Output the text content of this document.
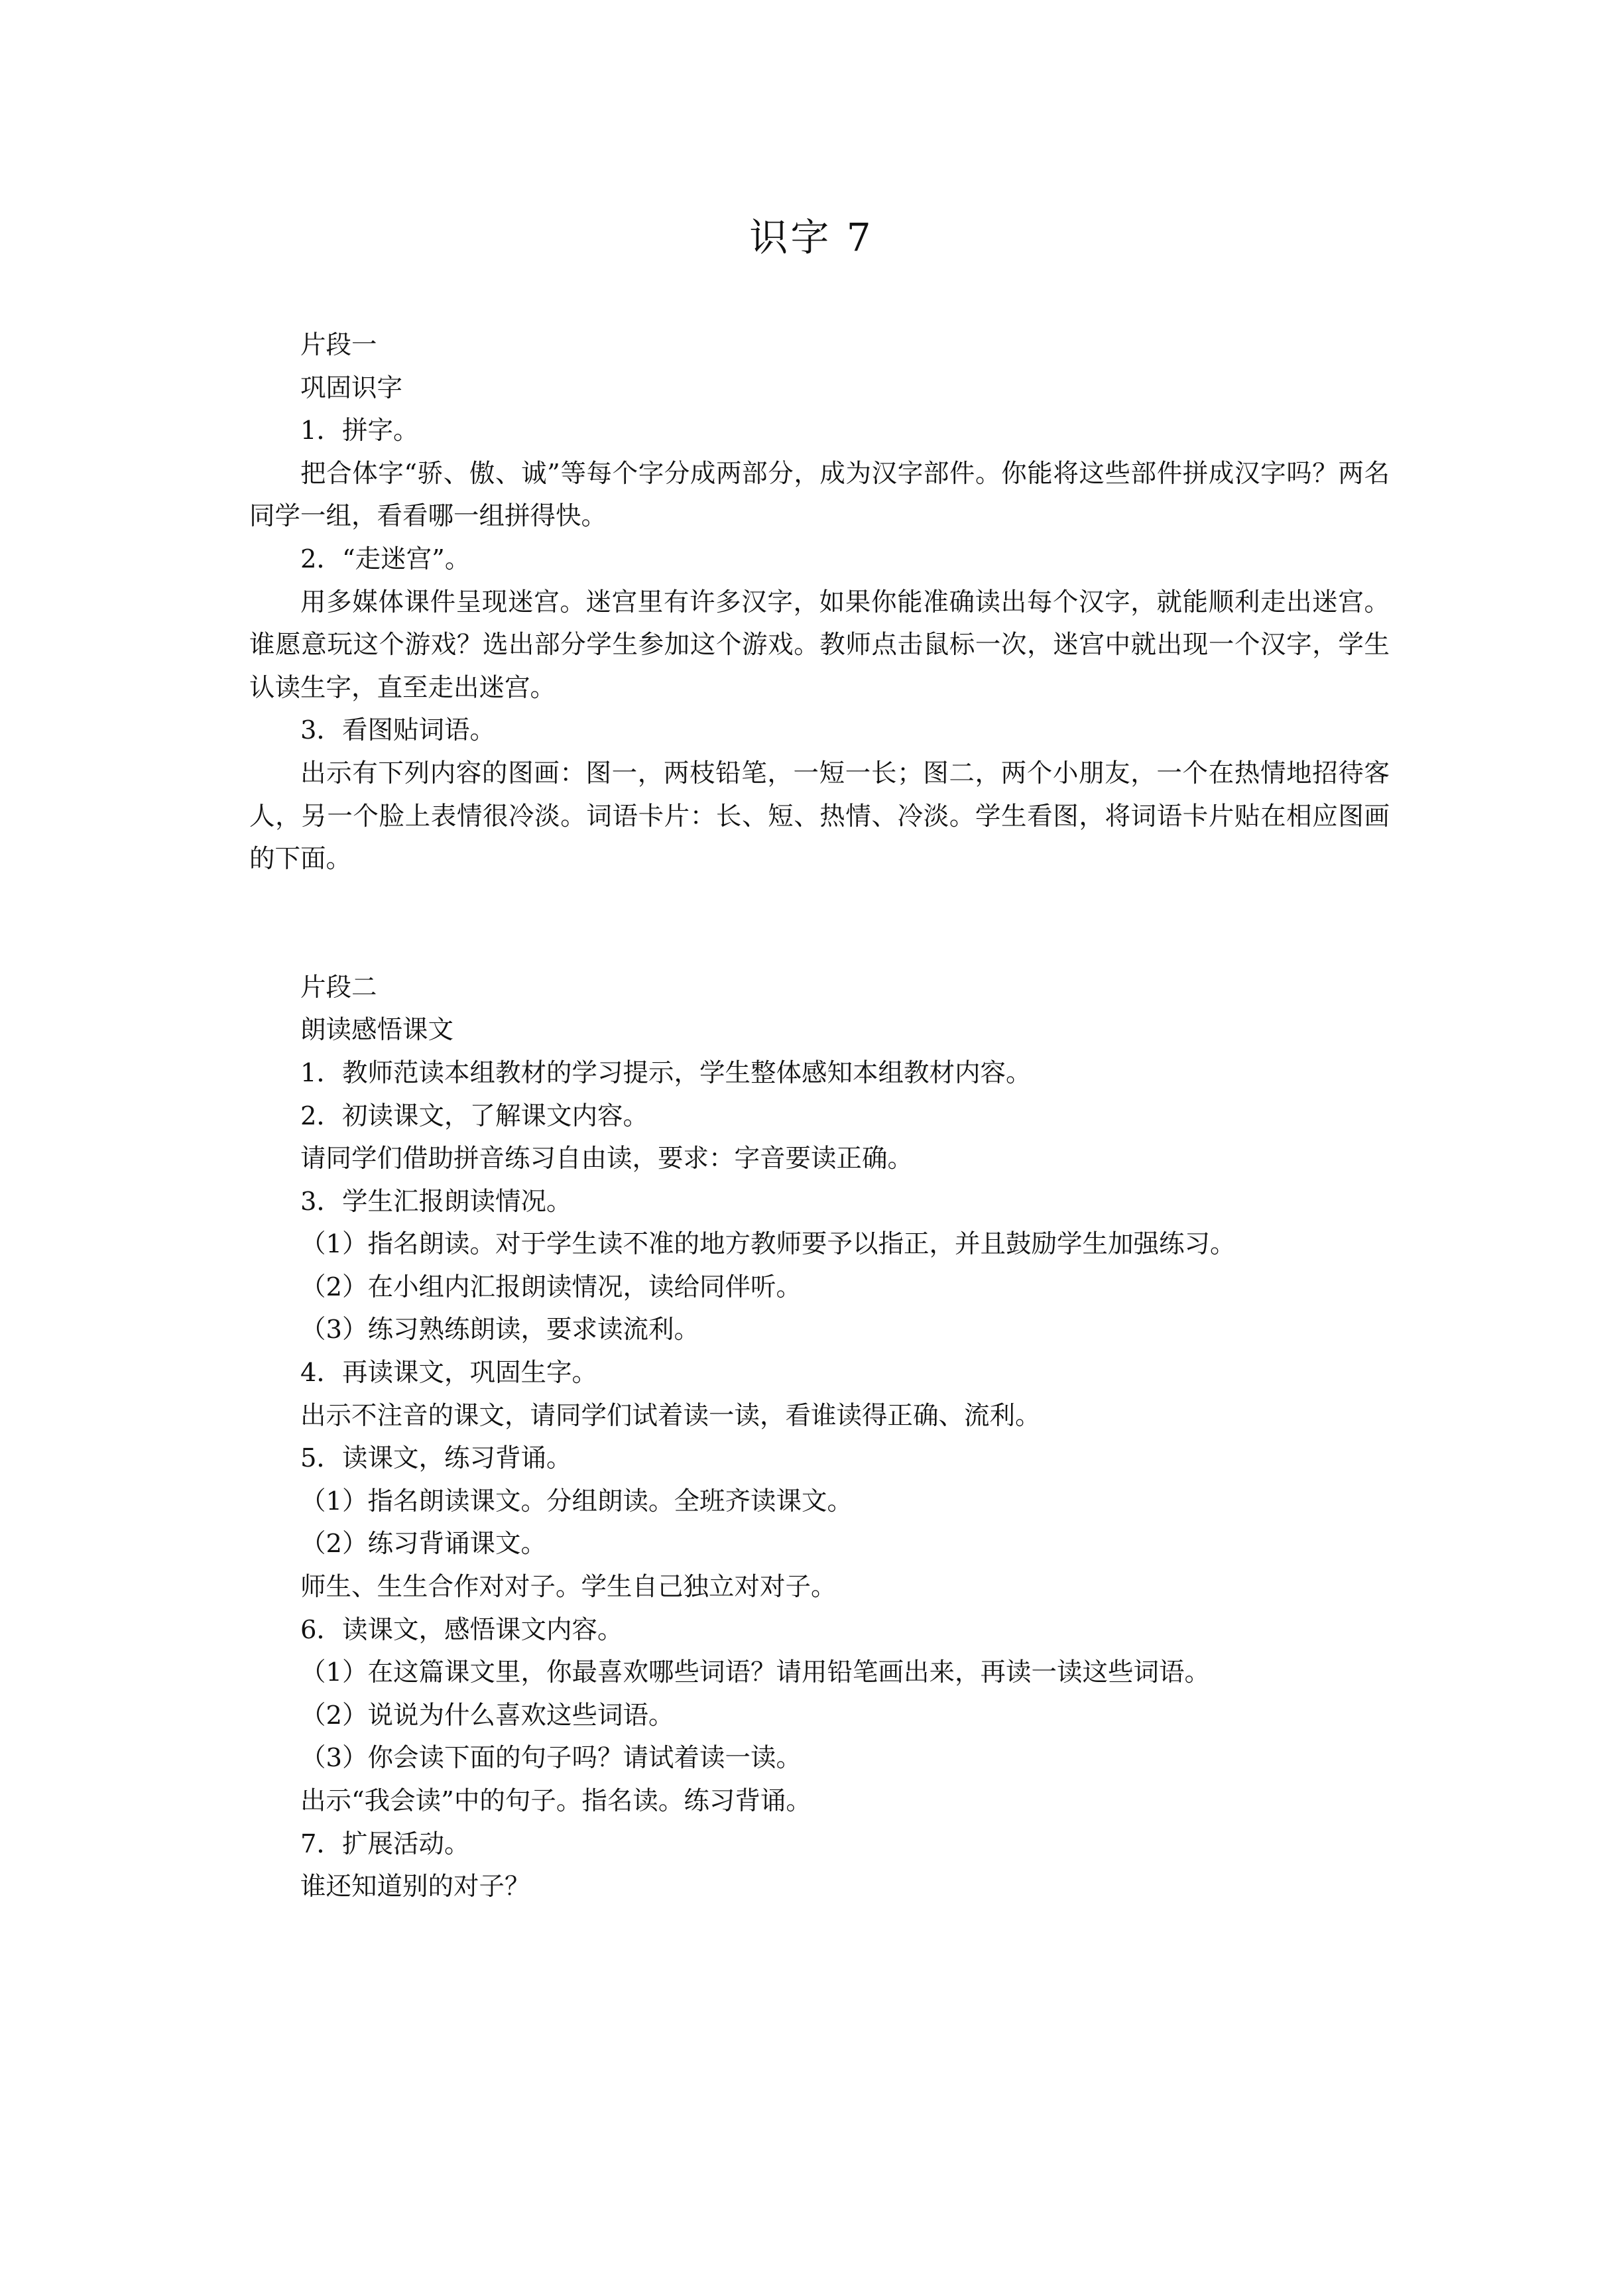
识字 7

片段一

巩固识字

1．拼字。

把合体字“骄、傲、诚”等每个字分成两部分，成为汉字部件。你能将这些部件拼成汉字吗？两名同学一组，看看哪一组拼得快。

2．“走迷宫”。

用多媒体课件呈现迷宫。迷宫里有许多汉字，如果你能准确读出每个汉字，就能顺利走出迷宫。谁愿意玩这个游戏？选出部分学生参加这个游戏。教师点击鼠标一次，迷宫中就出现一个汉字，学生认读生字，直至走出迷宫。

3．看图贴词语。

出示有下列内容的图画：图一，两枝铅笔，一短一长；图二，两个小朋友，一个在热情地招待客人，另一个脸上表情很冷淡。词语卡片：长、短、热情、冷淡。学生看图，将词语卡片贴在相应图画的下面。

片段二

朗读感悟课文

1．教师范读本组教材的学习提示，学生整体感知本组教材内容。

2．初读课文，了解课文内容。

请同学们借助拼音练习自由读，要求：字音要读正确。

3．学生汇报朗读情况。

（1）指名朗读。对于学生读不准的地方教师要予以指正，并且鼓励学生加强练习。

（2）在小组内汇报朗读情况，读给同伴听。

（3）练习熟练朗读，要求读流利。

4．再读课文，巩固生字。

出示不注音的课文，请同学们试着读一读，看谁读得正确、流利。

5．读课文，练习背诵。

（1）指名朗读课文。分组朗读。全班齐读课文。

（2）练习背诵课文。

师生、生生合作对对子。学生自己独立对对子。

6．读课文，感悟课文内容。

（1）在这篇课文里，你最喜欢哪些词语？请用铅笔画出来，再读一读这些词语。

（2）说说为什么喜欢这些词语。

（3）你会读下面的句子吗？请试着读一读。

出示“我会读”中的句子。指名读。练习背诵。

7．扩展活动。

谁还知道别的对子？
